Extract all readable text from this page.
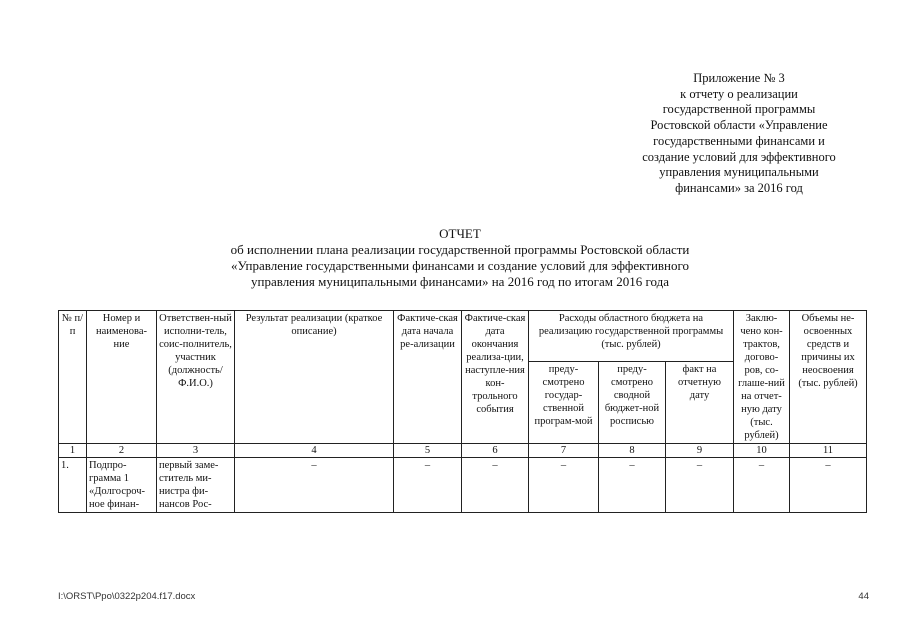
Приложение № 3
к отчету о реализации
государственной программы
Ростовской области «Управление
государственными финансами и
создание условий для эффективного
управления муниципальными
финансами» за 2016 год
ОТЧЕТ
об исполнении плана реализации государственной программы Ростовской области
«Управление государственными финансами и создание условий для эффективного
управления муниципальными финансами» на 2016 год по итогам 2016 года
№ п/п	Номер и наименова-ние	Ответствен-ный исполни-тель, соис-полнитель, участник (должность/Ф.И.О.)	Результат реализации (краткое описание)	Фактиче-ская дата начала ре-ализации	Фактиче-ская дата окончания реализа-ции, наступле-ния кон-трольного события	Расходы областного бюджета на реализацию государственной программы (тыс. рублей)			Заклю-чено кон-трактов, догово-ров, со-глаше-ний на отчет-ную дату (тыс. рублей)	Объемы не-освоенных средств и причины их неосвоения (тыс. рублей)
						преду-смотрено государ-ственной програм-мой	преду-смотрено сводной бюджет-ной росписью	факт на отчетную дату		
1	2	3	4	5	6	7	8	9	10	11
1.	Подпро-грамма 1 «Долгосроч-ное финан-	первый заме-ститель ми-нистра фи-нансов Рос-	–	–	–	–	–	–	–	–
I:\ORST\Ppo\0322p204.f17.docx	44
